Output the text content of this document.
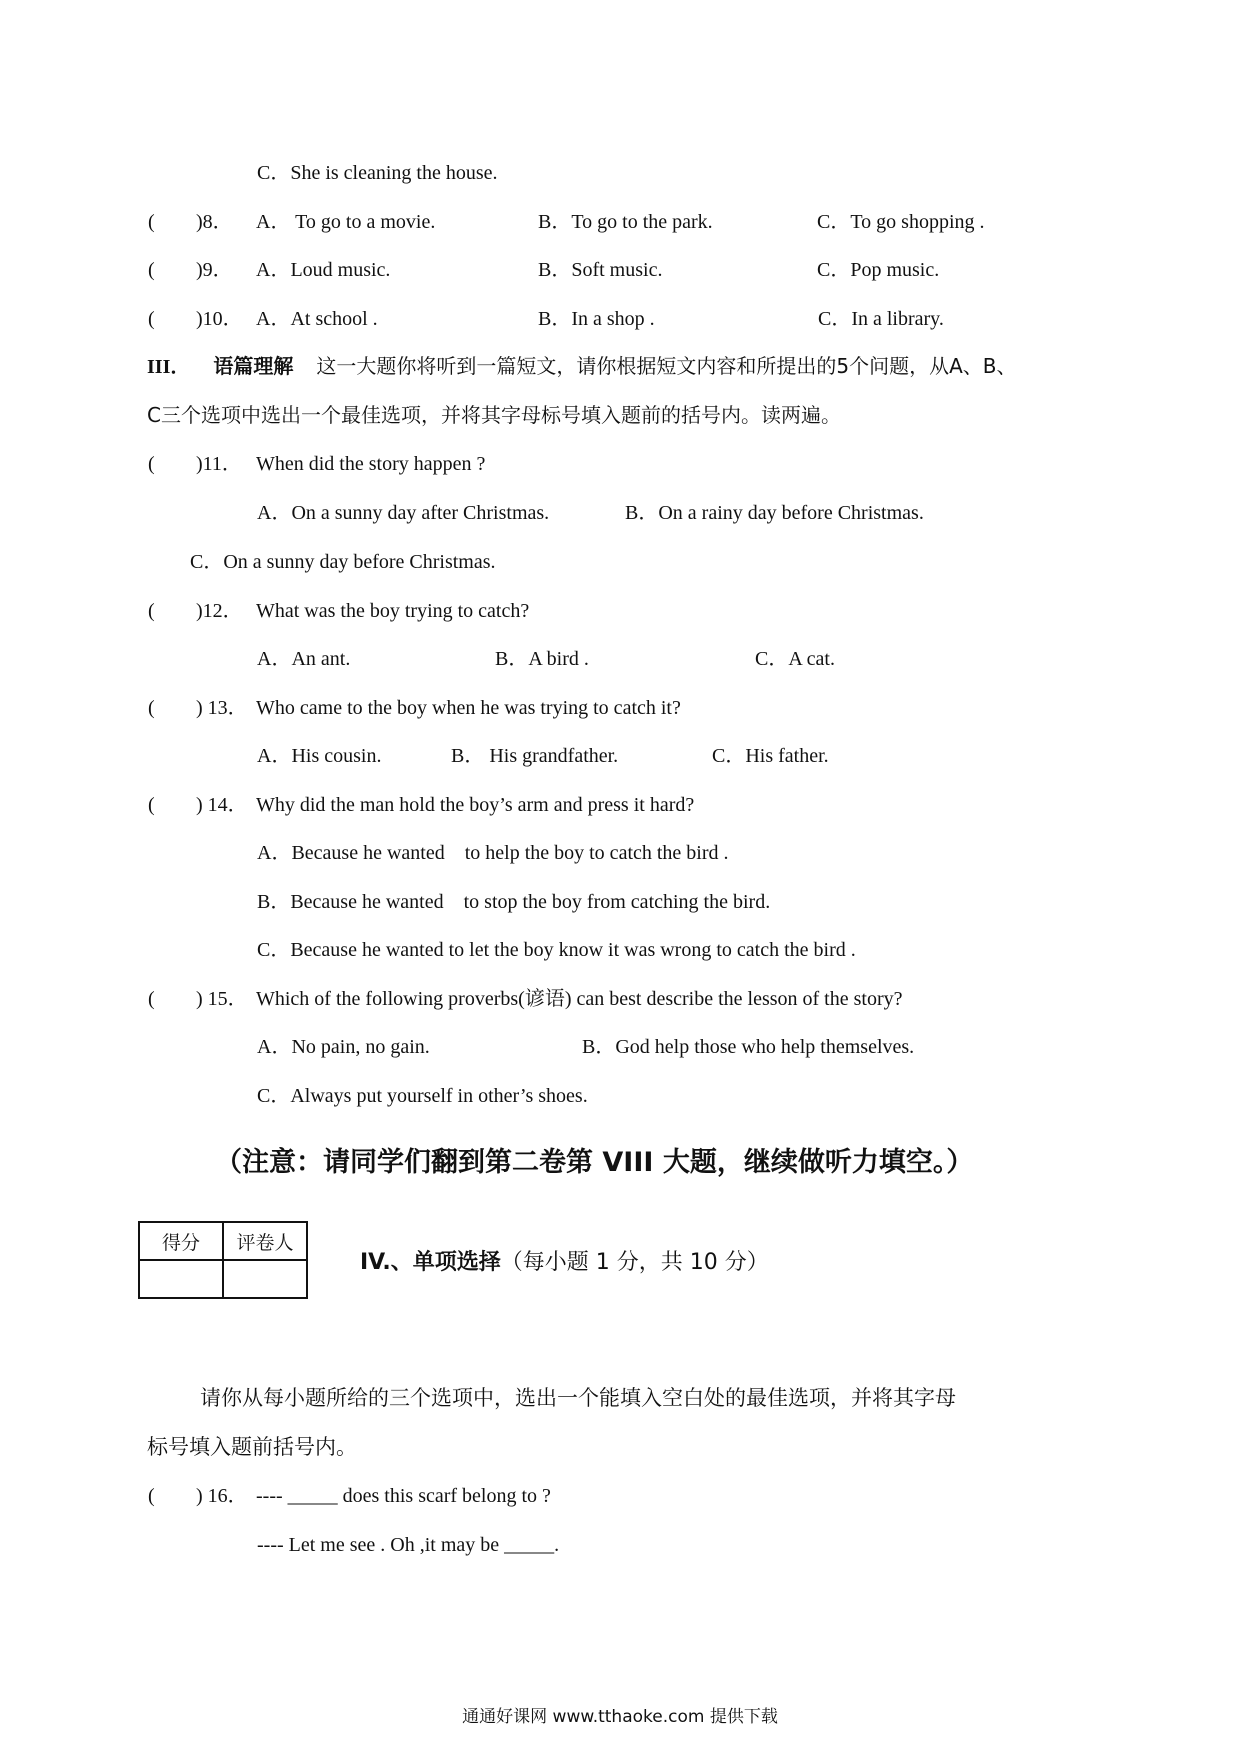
C．She is cleaning the house.
( )8． A． To go to a movie.	B．To go to the park.	C．To go shopping .
( )9． A．Loud music.	B．Soft music.	C．Pop music.
( )10． A．At school .	B．In a shop .	C．In a library.
III． 语篇理解 这一大题你将听到一篇短文，请你根据短文内容和所提出的5个问题，从A、B、
C三个选项中选出一个最佳选项，并将其字母标号填入题前的括号内。读两遍。
( )11． When did the story happen ?
A．On a sunny day after Christmas.	B．On a rainy day before Christmas.
C．On a sunny day before Christmas.
( )12． What was the boy trying to catch?
A．An ant.	B．A bird .	C．A cat.
( ) 13． Who came to the boy when he was trying to catch it?
A．His cousin.	B． His grandfather.	C．His father.
( ) 14． Why did the man hold the boy’s arm and press it hard?
A．Because he wanted    to help the boy to catch the bird .
B．Because he wanted    to stop the boy from catching the bird.
C．Because he wanted to let the boy know it was wrong to catch the bird .
( ) 15． Which of the following proverbs(谚语) can best describe the lesson of the story?
A．No pain, no gain.	B．God help those who help themselves.
C．Always put yourself in other’s shoes.
（注意：请同学们翻到第二卷第 VIII 大题，继续做听力填空。）
得分	评卷人

IV.、单项选择（每小题 1 分，共 10 分）
请你从每小题所给的三个选项中，选出一个能填入空白处的最佳选项，并将其字母
标号填入题前括号内。
( ) 16． ---- _____ does this scarf belong to ?
---- Let me see . Oh ,it may be _____.
通通好课网 www.tthaoke.com 提供下载
